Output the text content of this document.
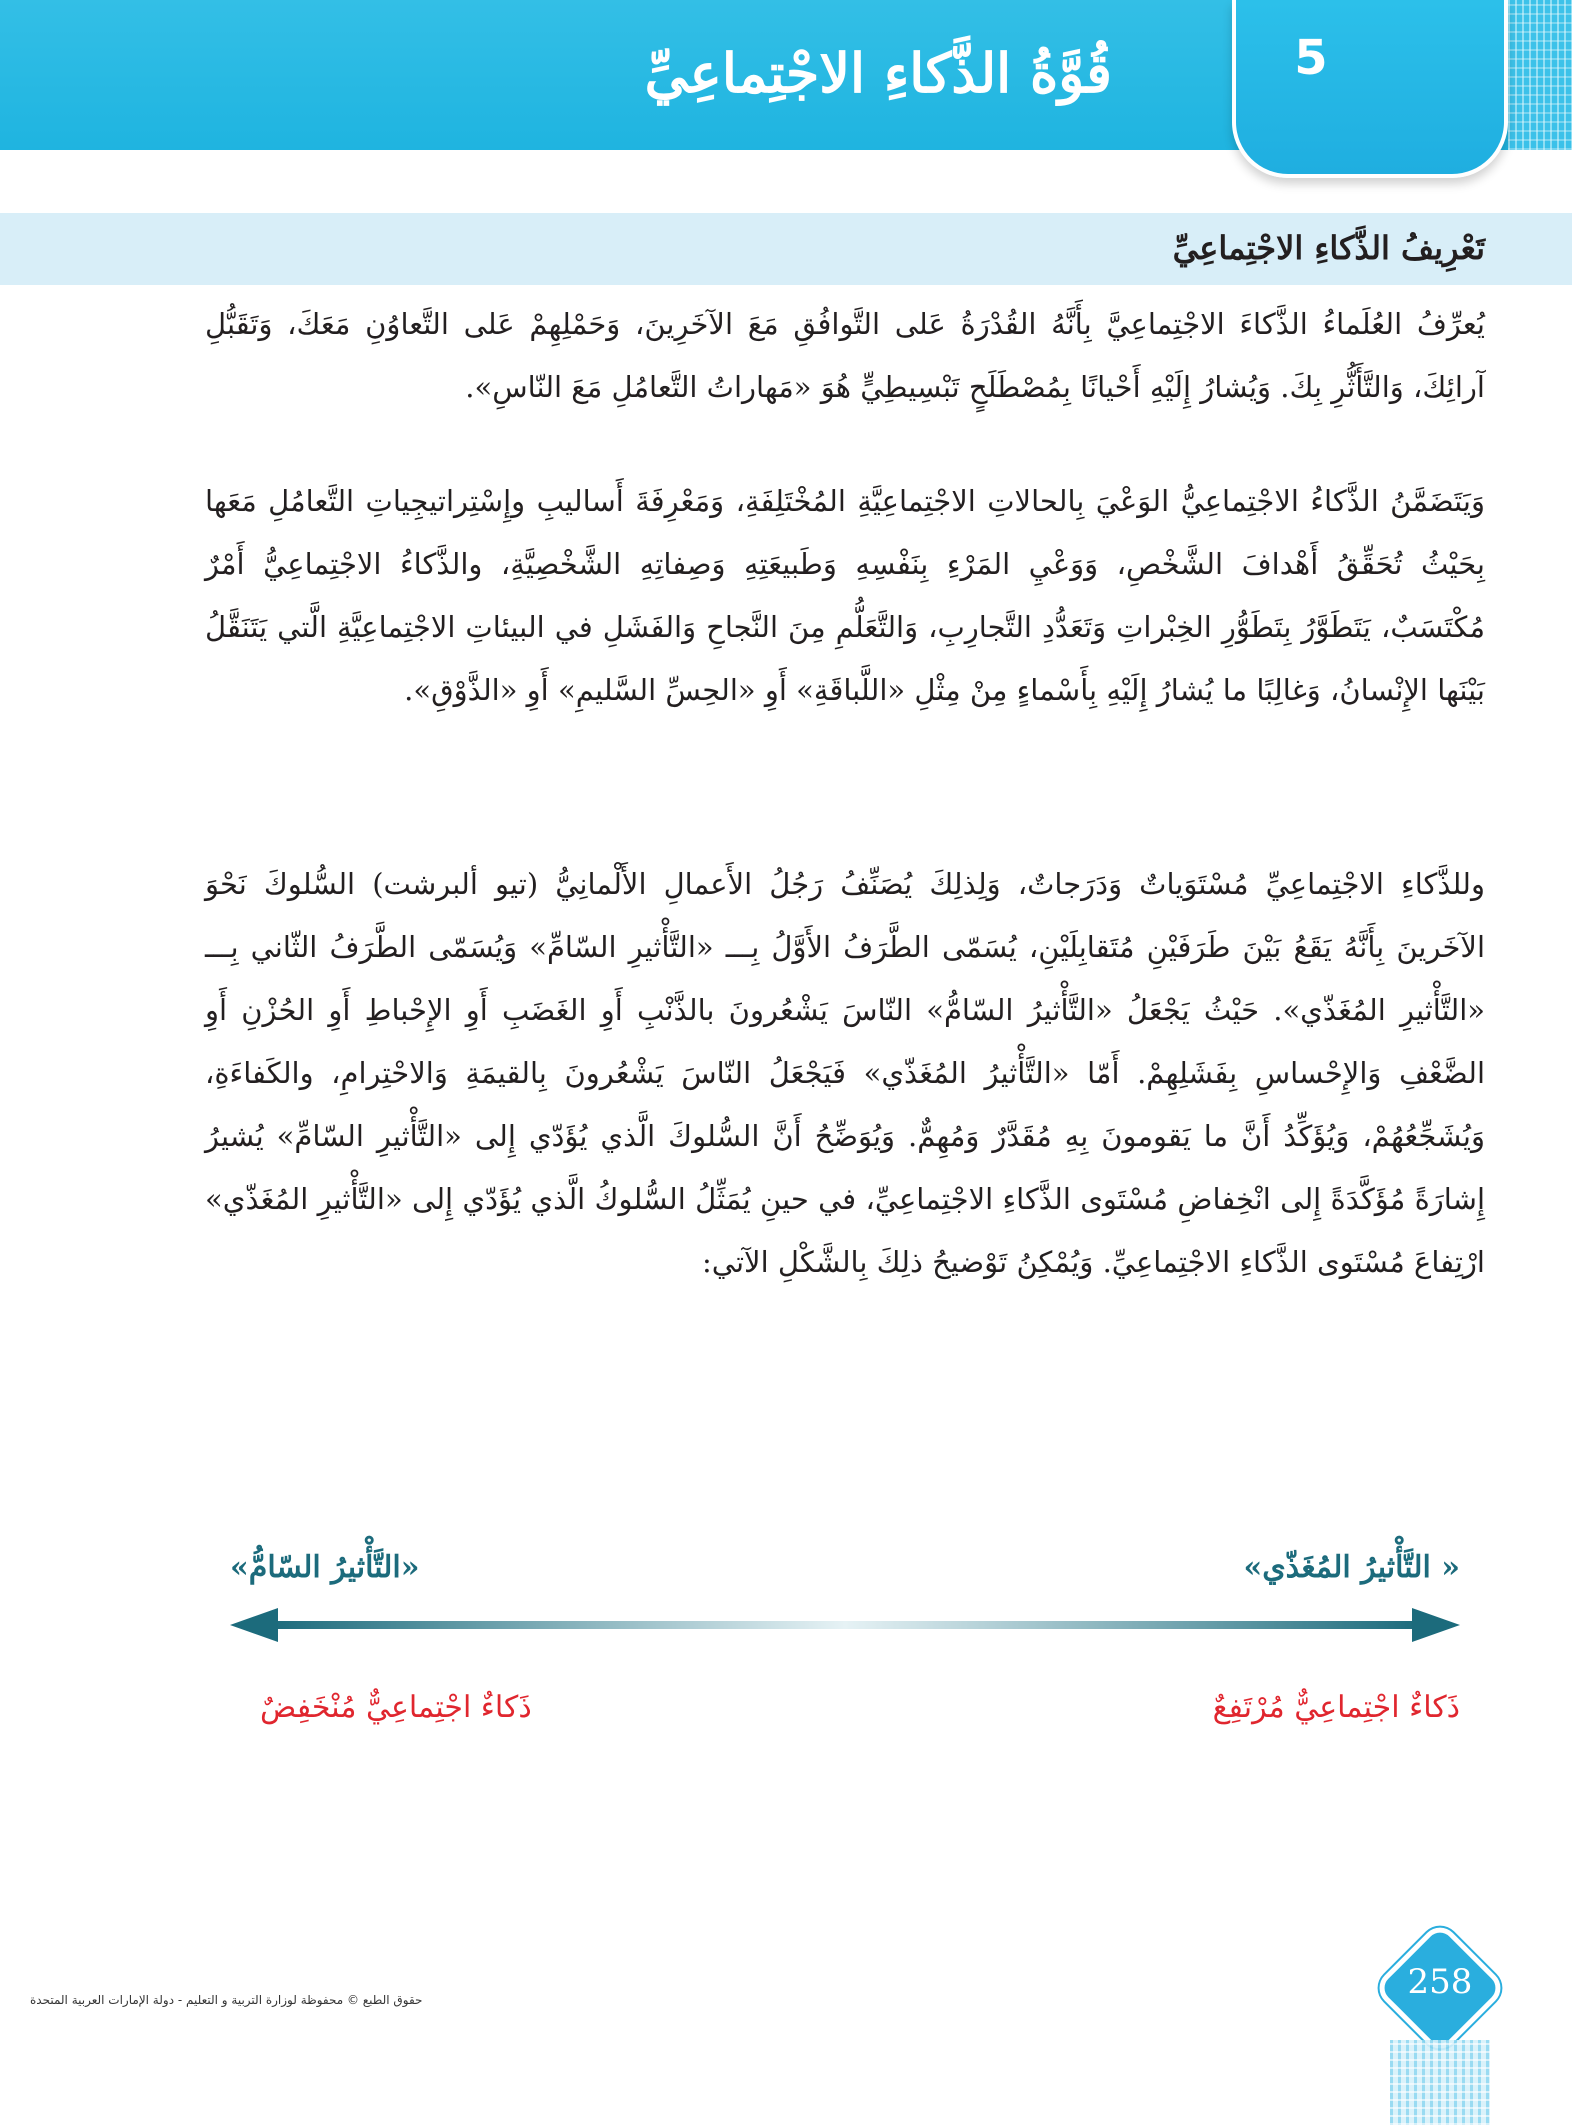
قُوَّةُ الذَّكاءِ الاجْتِماعِيِّ	5
تَعْرِيفُ الذَّكاءِ الاجْتِماعِيِّ

يُعرِّفُ العُلَماءُ الذَّكاءَ الاجْتِماعِيَّ بِأَنَّهُ القُدْرَةُ عَلى التَّوافُقِ مَعَ الآخَرِينَ، وَحَمْلِهِمْ عَلى التَّعاوُنِ مَعَكَ، وَتَقَبُّلِ آرائِكَ، وَالتَّأَثُّرِ بِكَ. وَيُشارُ إِلَيْهِ أَحْيانًا بِمُصْطَلَحٍ تَبْسِيطِيٍّ هُوَ «مَهاراتُ التَّعامُلِ مَعَ النّاسِ».

وَيَتَضَمَّنُ الذَّكاءُ الاجْتِماعِيُّ الوَعْيَ بِالحالاتِ الاجْتِماعِيَّةِ المُخْتَلِفَةِ، وَمَعْرِفَةَ أَساليبِ وإِسْتِراتيجِياتِ التَّعامُلِ مَعَها بِحَيْثُ تُحَقِّقُ أَهْدافَ الشَّخْصِ، وَوَعْيِ المَرْءِ بِنَفْسِهِ وَطَبيعَتِهِ وَصِفاتِهِ الشَّخْصِيَّةِ، والذَّكاءُ الاجْتِماعِيُّ أَمْرٌ مُكْتَسَبٌ، يَتَطَوَّرُ بِتَطَوُّرِ الخِبْراتِ وَتَعَدُّدِ التَّجارِبِ، وَالتَّعَلُّمِ مِنَ النَّجاحِ وَالفَشَلِ في البيئاتِ الاجْتِماعِيَّةِ الَّتي يَتَنَقَّلُ بَيْنَها الإِنْسانُ، وَغالِبًا ما يُشارُ إِلَيْهِ بِأَسْماءٍ مِنْ مِثْلِ «اللَّباقَةِ» أَوِ «الحِسِّ السَّليمِ» أَوِ «الذَّوْقِ».

وللذَّكاءِ الاجْتِماعِيِّ مُسْتَوَياتٌ وَدَرَجاتٌ، وَلِذلِكَ يُصَنِّفُ رَجُلُ الأَعمالِ الأَلْمانِيُّ (تيو ألبرشت) السُّلوكَ نَحْوَ الآخَرينَ بِأَنَّهُ يَقَعُ بَيْنَ طَرَفَيْنِ مُتَقابِلَيْنِ، يُسَمّى الطَّرَفُ الأَوَّلُ بِـــ «التَّأْثيرِ السّامِّ» وَيُسَمّى الطَّرَفُ الثّاني بِـــ «التَّأْثيرِ المُغَذّي». حَيْثُ يَجْعَلُ «التَّأْثيرُ السّامُّ» النّاسَ يَشْعُرونَ بالذَّنْبِ أَوِ الغَضَبِ أَوِ الإِحْباطِ أَوِ الحُزْنِ أَوِ الضَّعْفِ وَالإِحْساسِ بِفَشَلِهِمْ. أَمّا «التَّأْثيرُ المُغَذّي» فَيَجْعَلُ النّاسَ يَشْعُرونَ بِالقيمَةِ وَالاحْتِرامِ، والكَفاءَةِ، وَيُشَجِّعُهُمْ، وَيُؤَكِّدُ أَنَّ ما يَقومونَ بِهِ مُقَدَّرٌ وَمُهِمٌّ. وَيُوَضِّحُ أَنَّ السُّلوكَ الَّذي يُؤَدّي إِلى «التَّأْثيرِ السّامِّ» يُشيرُ إِشارَةً مُؤَكَّدَةً إِلى انْخِفاضِ مُسْتَوى الذَّكاءِ الاجْتِماعِيِّ، في حينِ يُمَثِّلُ السُّلوكُ الَّذي يُؤَدّي إِلى «التَّأْثيرِ المُغَذّي» ارْتِفاعَ مُسْتَوى الذَّكاءِ الاجْتِماعِيِّ. وَيُمْكِنُ تَوْضيحُ ذلِكَ بِالشَّكْلِ الآتي:

« التَّأْثيرُ المُغَذّي»
«التَّأْثيرُ السّامُّ»
ذَكاءٌ اجْتِماعِيٌّ مُرْتَفِعٌ
ذَكاءٌ اجْتِماعِيٌّ مُنْخَفِضٌ
حقوق الطبع © محفوظة لوزارة التربية و التعليم - دولة الإمارات العربية المتحدة	258
